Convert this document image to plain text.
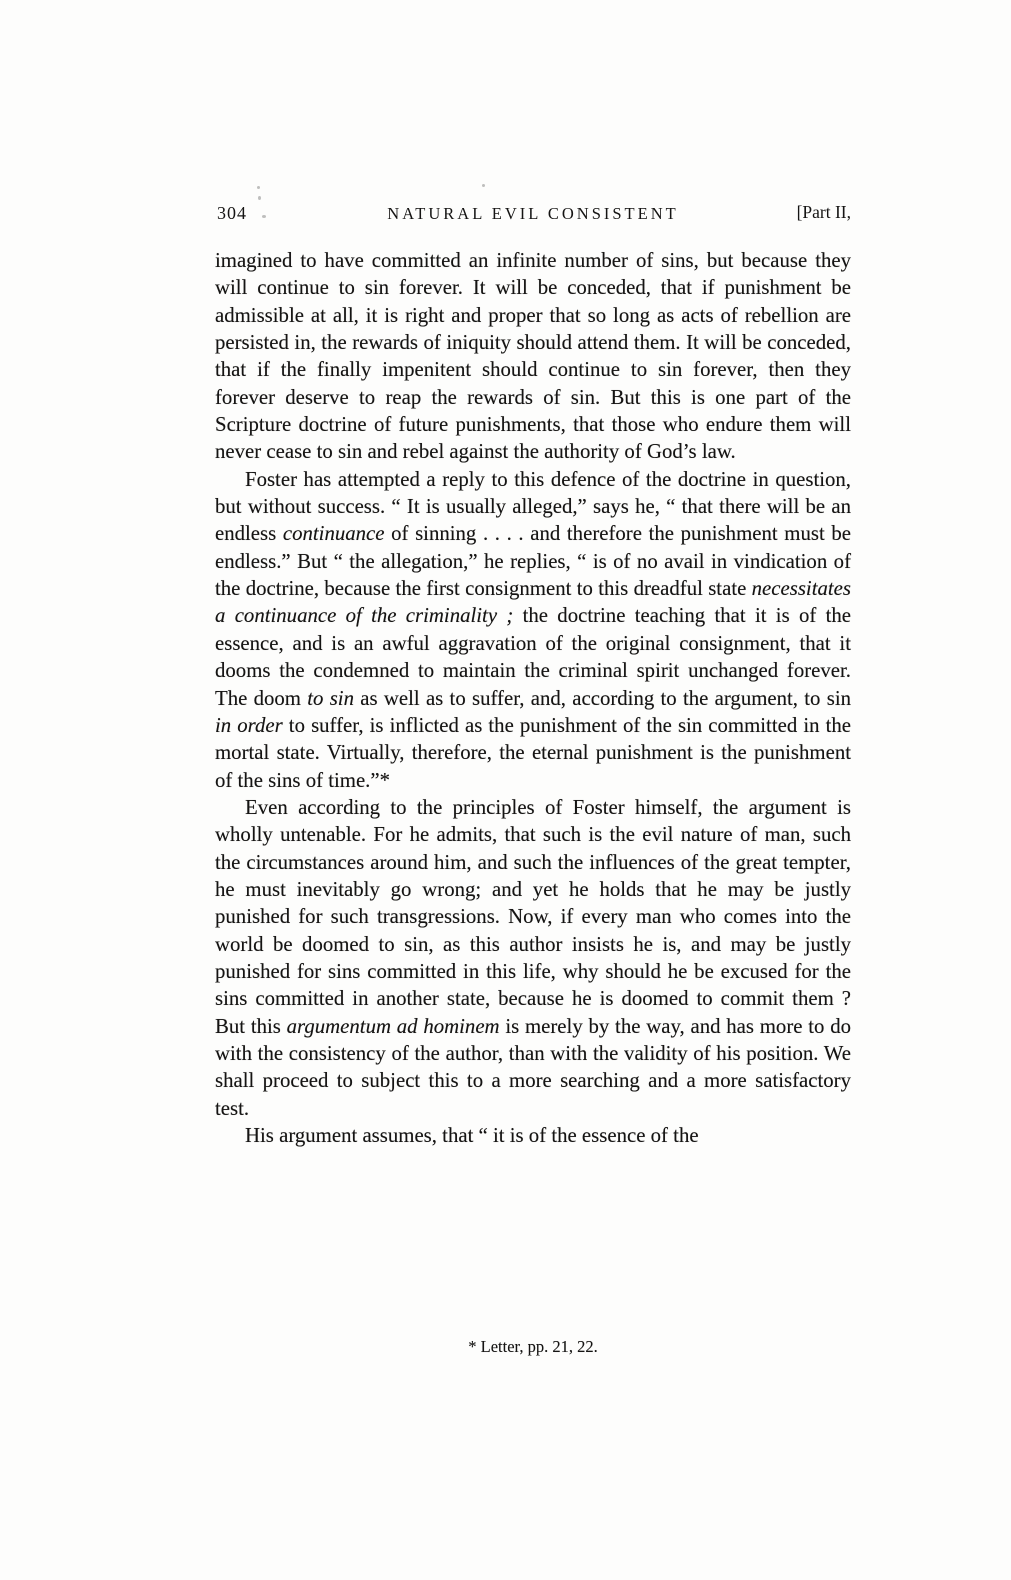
304	NATURAL EVIL CONSISTENT	[Part II,

imagined to have committed an infinite number of sins, but because they will continue to sin forever. It will be conceded, that if punishment be admissible at all, it is right and proper that so long as acts of rebellion are persisted in, the rewards of iniquity should attend them. It will be conceded, that if the finally impenitent should continue to sin forever, then they forever deserve to reap the rewards of sin. But this is one part of the Scripture doctrine of future punishments, that those who endure them will never cease to sin and rebel against the authority of God’s law.

Foster has attempted a reply to this defence of the doctrine in question, but without success. “ It is usually alleged,” says he, “ that there will be an endless continuance of sinning . . . . and therefore the punishment must be endless.” But “ the allegation,” he replies, “ is of no avail in vindication of the doctrine, because the first consignment to this dreadful state necessitates a continuance of the criminality ; the doctrine teaching that it is of the essence, and is an awful aggravation of the original consignment, that it dooms the condemned to maintain the criminal spirit unchanged forever. The doom to sin as well as to suffer, and, according to the argument, to sin in order to suffer, is inflicted as the punishment of the sin committed in the mortal state. Virtually, therefore, the eternal punishment is the punishment of the sins of time.”*

Even according to the principles of Foster himself, the argument is wholly untenable. For he admits, that such is the evil nature of man, such the circumstances around him, and such the influences of the great tempter, he must inevitably go wrong; and yet he holds that he may be justly punished for such transgressions. Now, if every man who comes into the world be doomed to sin, as this author insists he is, and may be justly punished for sins committed in this life, why should he be excused for the sins committed in another state, because he is doomed to commit them ? But this argumentum ad hominem is merely by the way, and has more to do with the consistency of the author, than with the validity of his position. We shall proceed to subject this to a more searching and a more satisfactory test.

His argument assumes, that “ it is of the essence of the

* Letter, pp. 21, 22.
